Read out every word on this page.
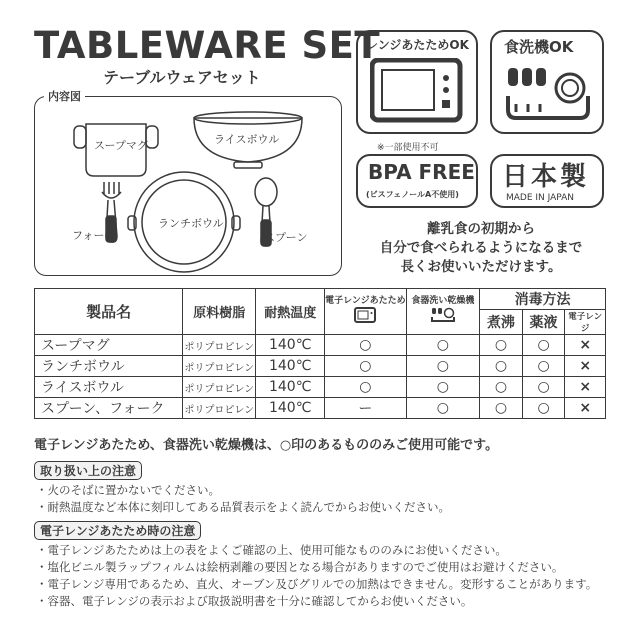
TABLEWARE SET
テーブルウェアセット
内容図
スープマグ	ライスボウル
フォーク
ランチボウル
スプーン
レンジあたためOK
※一部使用不可
食洗機OK
BPA FREE
(ビスフェノールA不使用)
日本製
MADE IN JAPAN
離乳食の初期から
自分で食べられるようになるまで
長くお使いいただけます。
製品名	原料樹脂	耐熱温度	電子レンジあたため	食器洗い乾燥機	消毒方法		
					煮沸	薬液	電子レンジ
スープマグ	ポリプロピレン	140℃	○	○	○	○	×
ランチボウル	ポリプロピレン	140℃	○	○	○	○	×
ライスボウル	ポリプロピレン	140℃	○	○	○	○	×
スプーン、フォーク	ポリプロピレン	140℃	ー	○	○	○	×
電子レンジあたため、食器洗い乾燥機は、○印のあるもののみご使用可能です。
取り扱い上の注意
・火のそばに置かないでください。
・耐熱温度など本体に刻印してある品質表示をよく読んでからお使いください。
電子レンジあたため時の注意
・電子レンジあたためは上の表をよくご確認の上、使用可能なもののみにお使いください。
・塩化ビニル製ラップフィルムは絵柄剥離の要因となる場合がありますのでご使用はお避けください。
・電子レンジ専用であるため、直火、オーブン及びグリルでの加熱はできません。変形することがあります。
・容器、電子レンジの表示および取扱説明書を十分に確認してからお使いください。
